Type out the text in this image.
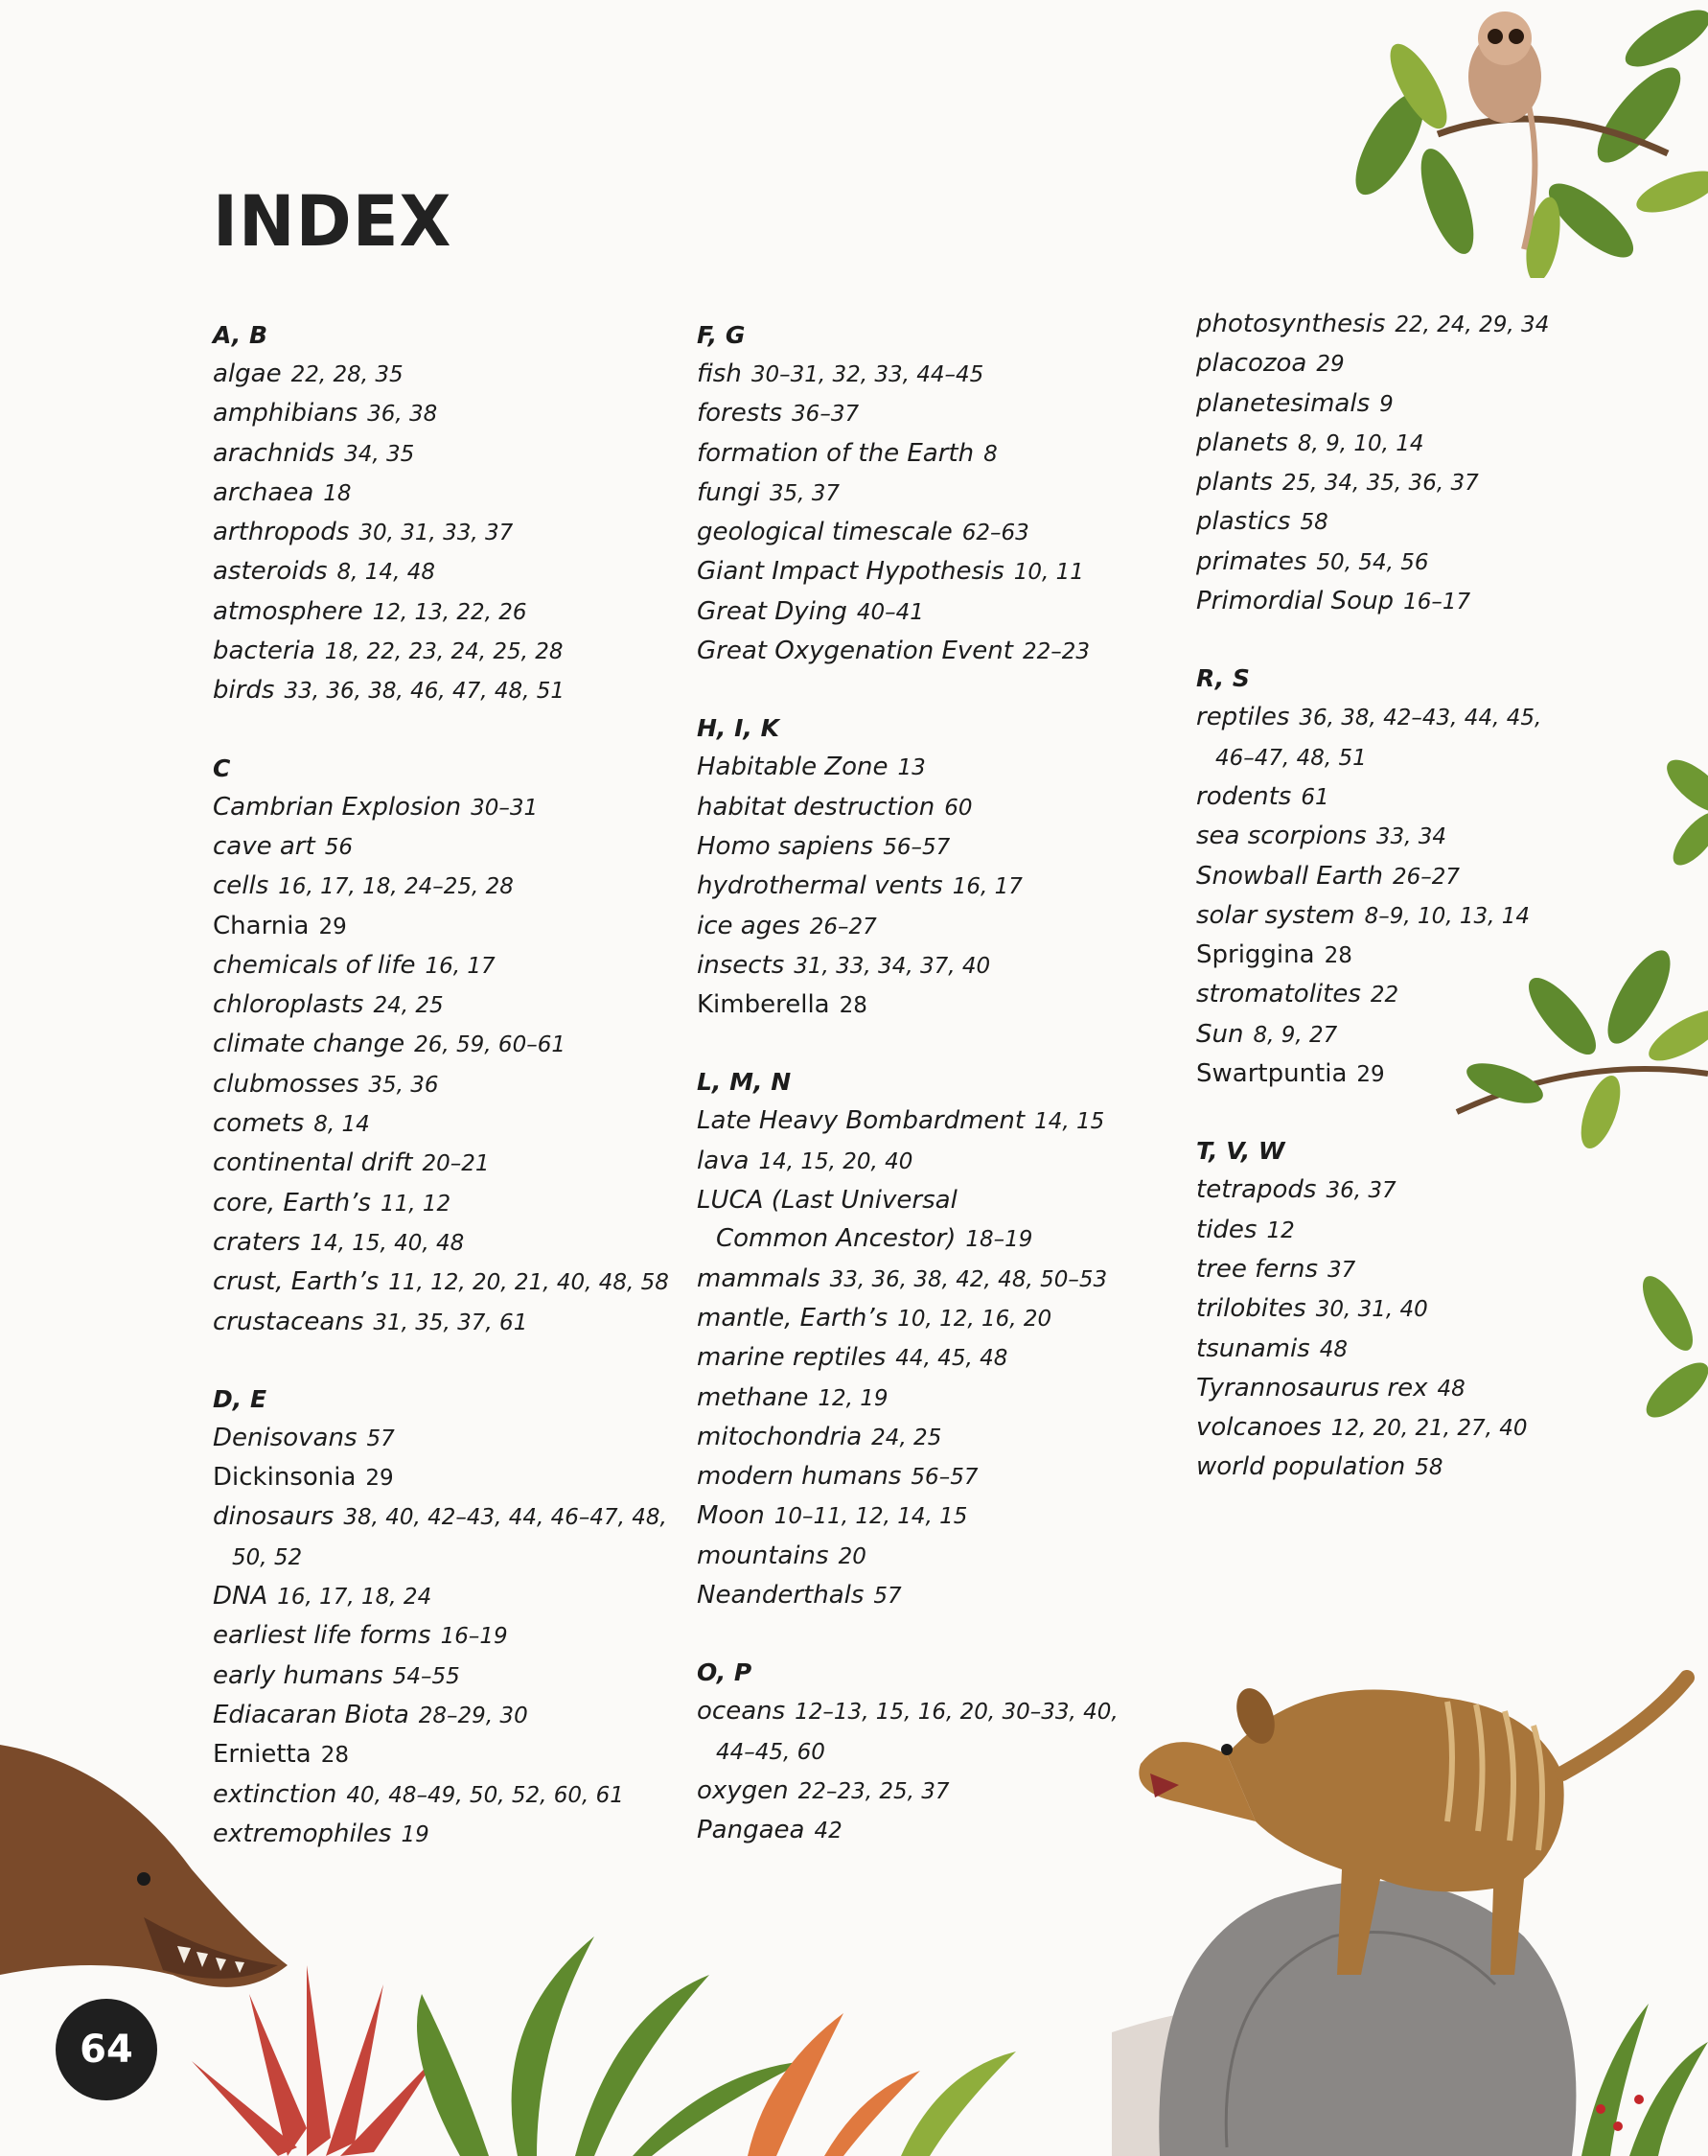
INDEX
A, B
algae 22, 28, 35
amphibians 36, 38
arachnids 34, 35
archaea 18
arthropods 30, 31, 33, 37
asteroids 8, 14, 48
atmosphere 12, 13, 22, 26
bacteria 18, 22, 23, 24, 25, 28
birds 33, 36, 38, 46, 47, 48, 51
C
Cambrian Explosion 30–31
cave art 56
cells 16, 17, 18, 24–25, 28
Charnia 29
chemicals of life 16, 17
chloroplasts 24, 25
climate change 26, 59, 60–61
clubmosses 35, 36
comets 8, 14
continental drift 20–21
core, Earth’s 11, 12
craters 14, 15, 40, 48
crust, Earth’s 11, 12, 20, 21, 40, 48, 58
crustaceans 31, 35, 37, 61
D, E
Denisovans 57
Dickinsonia 29
dinosaurs 38, 40, 42–43, 44, 46–47, 48,
50, 52
DNA 16, 17, 18, 24
earliest life forms 16–19
early humans 54–55
Ediacaran Biota 28–29, 30
Ernietta 28
extinction 40, 48–49, 50, 52, 60, 61
extremophiles 19
F, G
fish 30–31, 32, 33, 44–45
forests 36–37
formation of the Earth 8
fungi 35, 37
geological timescale 62–63
Giant Impact Hypothesis 10, 11
Great Dying 40–41
Great Oxygenation Event 22–23
H, I, K
Habitable Zone 13
habitat destruction 60
Homo sapiens 56–57
hydrothermal vents 16, 17
ice ages 26–27
insects 31, 33, 34, 37, 40
Kimberella 28
L, M, N
Late Heavy Bombardment 14, 15
lava 14, 15, 20, 40
LUCA (Last Universal
Common Ancestor) 18–19
mammals 33, 36, 38, 42, 48, 50–53
mantle, Earth’s 10, 12, 16, 20
marine reptiles 44, 45, 48
methane 12, 19
mitochondria 24, 25
modern humans 56–57
Moon 10–11, 12, 14, 15
mountains 20
Neanderthals 57
O, P
oceans 12–13, 15, 16, 20, 30–33, 40,
44–45, 60
oxygen 22–23, 25, 37
Pangaea 42
photosynthesis 22, 24, 29, 34
placozoa 29
planetesimals 9
planets 8, 9, 10, 14
plants 25, 34, 35, 36, 37
plastics 58
primates 50, 54, 56
Primordial Soup 16–17
R, S
reptiles 36, 38, 42–43, 44, 45,
46–47, 48, 51
rodents 61
sea scorpions 33, 34
Snowball Earth 26–27
solar system 8–9, 10, 13, 14
Spriggina 28
stromatolites 22
Sun 8, 9, 27
Swartpuntia 29
T, V, W
tetrapods 36, 37
tides 12
tree ferns 37
trilobites 30, 31, 40
tsunamis 48
Tyrannosaurus rex 48
volcanoes 12, 20, 21, 27, 40
world population 58
64
